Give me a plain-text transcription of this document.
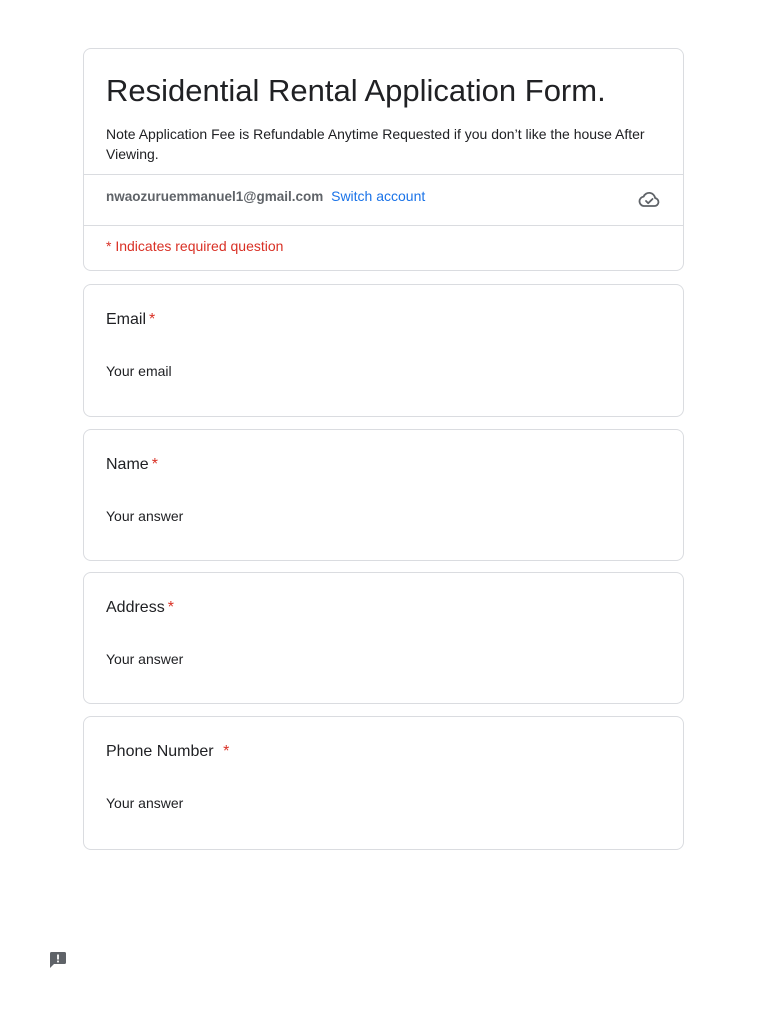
Residential Rental Application Form.

Note Application Fee is Refundable Anytime Requested if you don’t like the house After Viewing.

nwaozuruemmanuel1@gmail.com Switch account
* Indicates required question
Email *
Your email
Name *
Your answer
Address *
Your answer
Phone Number *
Your answer
